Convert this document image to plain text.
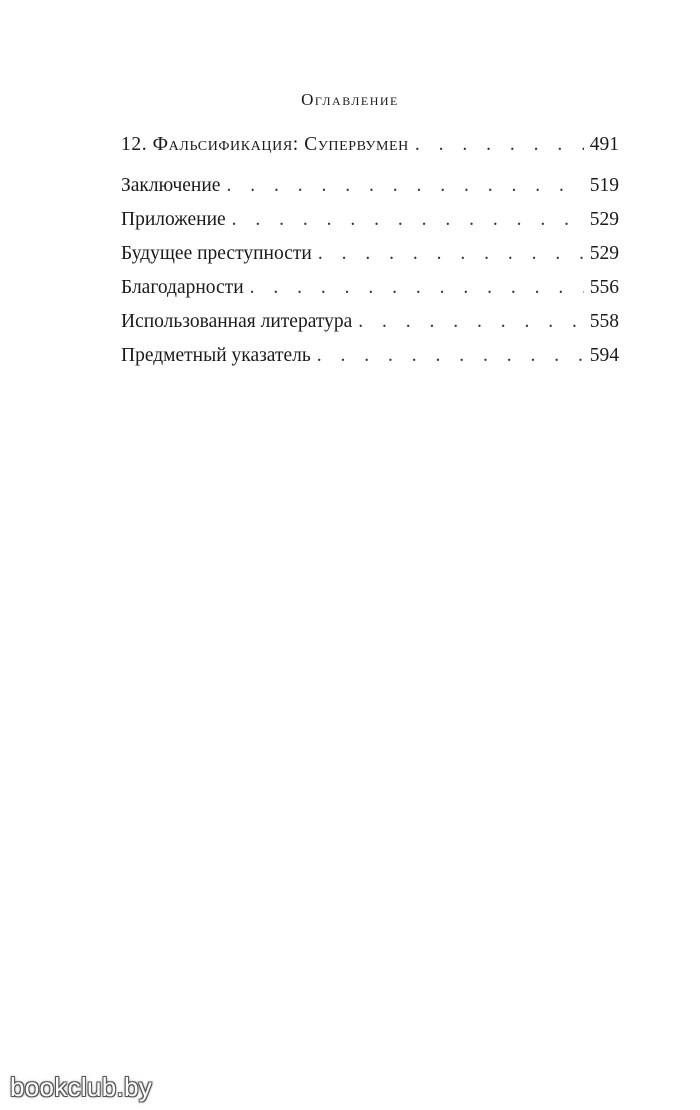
Оглавление
12. Фальсификация: Супервумен . . .	491
Заключение . . .	519
Приложение . . .	529
Будущее преступности . . .	529
Благодарности . . .	556
Использованная литература . . .	558
Предметный указатель . . .	594
bookclub.by
